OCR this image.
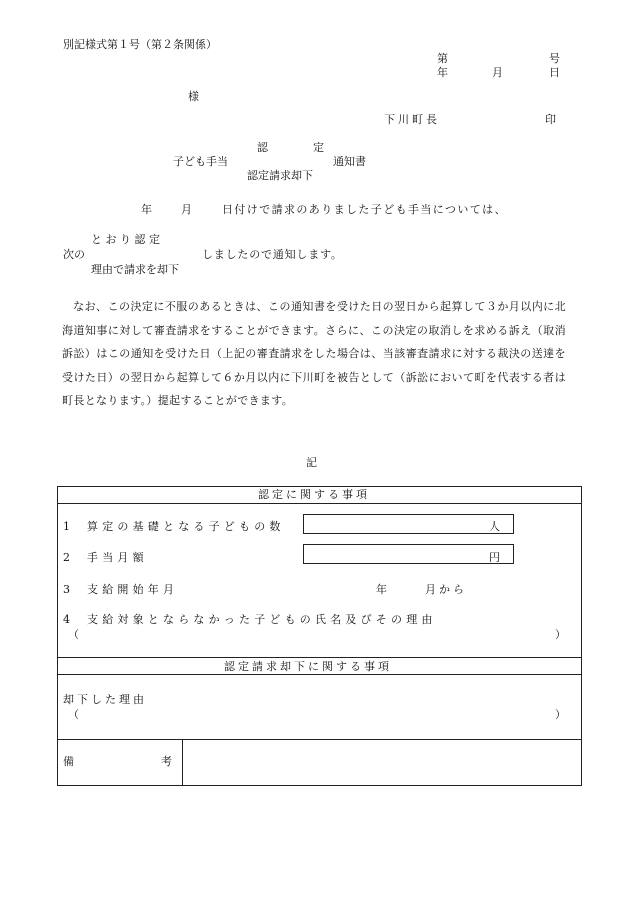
別記様式第１号（第２条関係）
第	号
年	月	日
様
下川町長	印
認	定
子ども手当	通知書
認定請求却下
年	月	日付けで請求のありました子ども手当については、
と お り 認 定
次の	しましたので通知します。
理由で請求を却下
なお、この決定に不服のあるときは、この通知書を受けた日の翌日から起算して３か月以内に北海道知事に対して審査請求をすることができます。さらに、この決定の取消しを求める訴え（取消訴訟）はこの通知を受けた日（上記の審査請求をした場合は、当該審査請求に対する裁決の送達を受けた日）の翌日から起算して６か月以内に下川町を被告として（訴訟において町を代表する者は町長となります。）提起することができます。
記
認定に関する事項
1 算定の基礎となる子どもの数	人
2 手当月額	円
3 支給開始年月	年	月から
4 支給対象とならなかった子どもの氏名及びその理由
（	）
認定請求却下に関する事項
却下した理由
（	）
備	考
